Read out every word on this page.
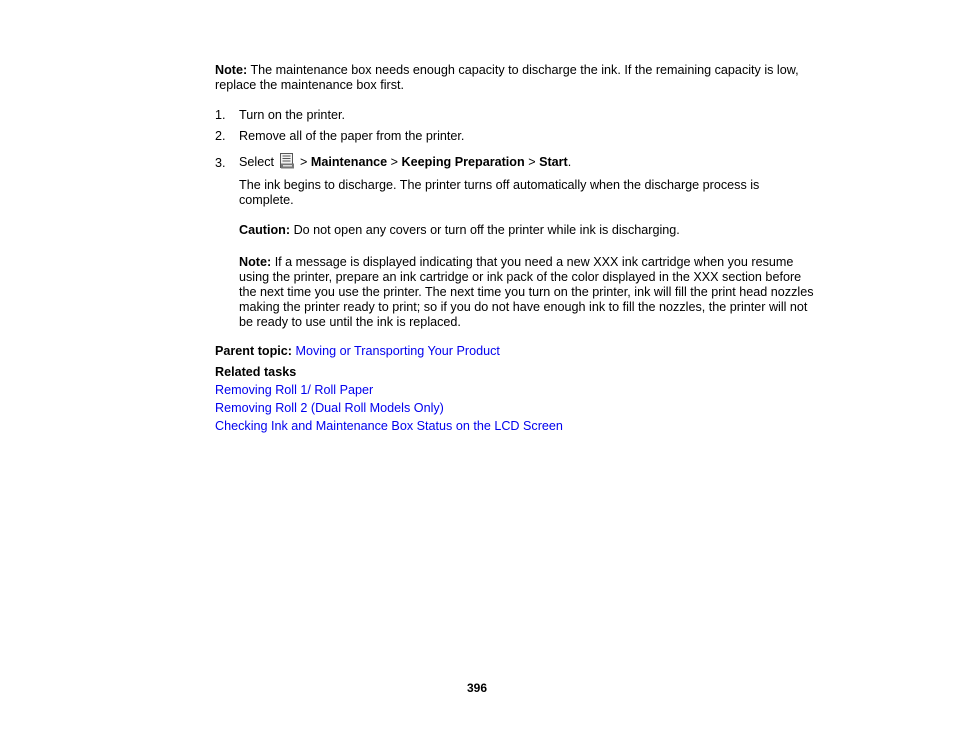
Note: The maintenance box needs enough capacity to discharge the ink. If the remaining capacity is low, replace the maintenance box first.
1. Turn on the printer.
2. Remove all of the paper from the printer.
3. Select > Maintenance > Keeping Preparation > Start.
The ink begins to discharge. The printer turns off automatically when the discharge process is complete.
Caution: Do not open any covers or turn off the printer while ink is discharging.
Note: If a message is displayed indicating that you need a new XXX ink cartridge when you resume using the printer, prepare an ink cartridge or ink pack of the color displayed in the XXX section before the next time you use the printer. The next time you turn on the printer, ink will fill the print head nozzles making the printer ready to print; so if you do not have enough ink to fill the nozzles, the printer will not be ready to use until the ink is replaced.
Parent topic: Moving or Transporting Your Product
Related tasks
Removing Roll 1/ Roll Paper
Removing Roll 2 (Dual Roll Models Only)
Checking Ink and Maintenance Box Status on the LCD Screen
396
